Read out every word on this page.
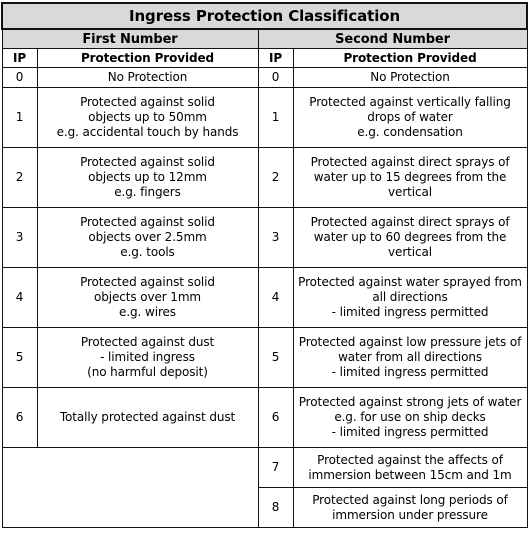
Ingress Protection Classification			
First Number		Second Number	
IP	Protection Provided	IP	Protection Provided
0	No Protection	0	No Protection

1	Protected against solid
objects up to 50mm
e.g. accidental touch by hands	1	Protected against vertically falling
drops of water
e.g. condensation

2	Protected against solid
objects up to 12mm
e.g. fingers	2	Protected against direct sprays of
water up to 15 degrees from the
vertical

3	Protected against solid
objects over 2.5mm
e.g. tools	3	Protected against direct sprays of
water up to 60 degrees from the
vertical

4	Protected against solid
objects over 1mm
e.g. wires	4	Protected against water sprayed from
all directions
- limited ingress permitted

5	Protected against dust
- limited ingress
(no harmful deposit)	5	Protected against low pressure jets of
water from all directions
- limited ingress permitted

6	Totally protected against dust	6	Protected against strong jets of water
e.g. for use on ship decks
- limited ingress permitted

		7	Protected against the affects of
immersion between 15cm and 1m

		8	Protected against long periods of
immersion under pressure
